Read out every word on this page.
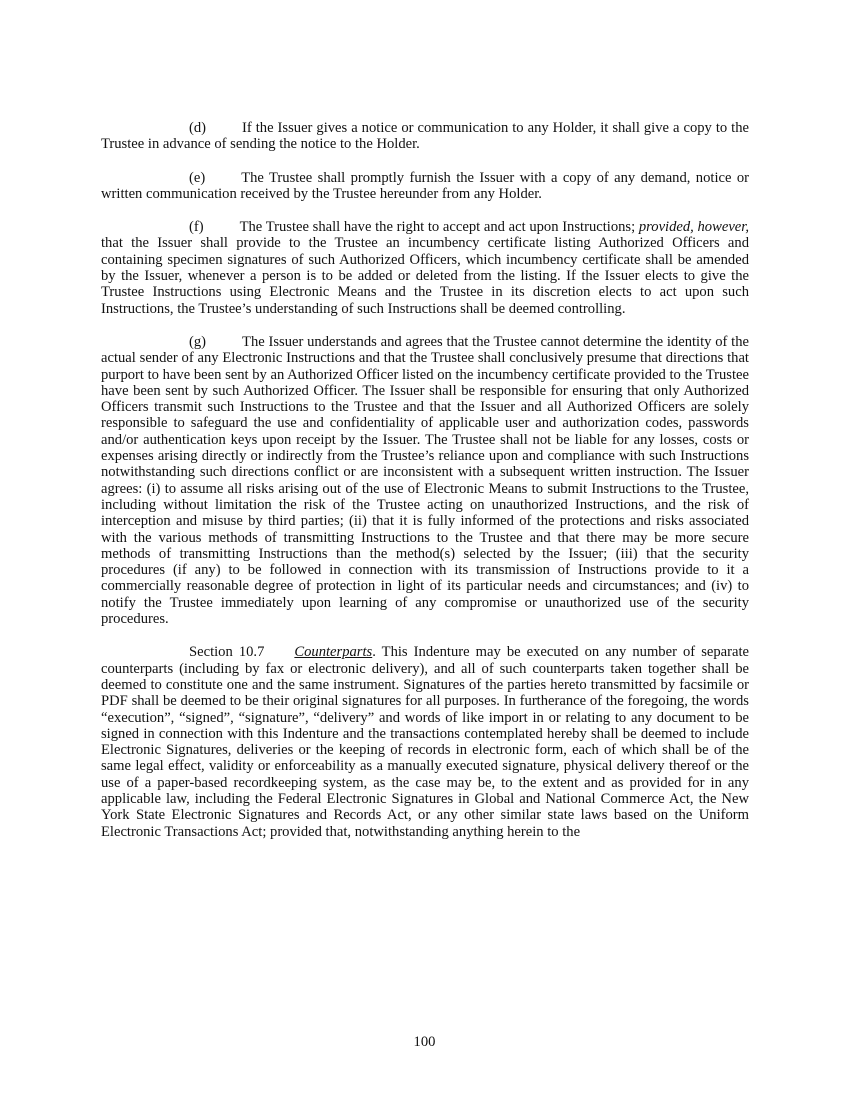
(d) If the Issuer gives a notice or communication to any Holder, it shall give a copy to the Trustee in advance of sending the notice to the Holder.

(e) The Trustee shall promptly furnish the Issuer with a copy of any demand, notice or written communication received by the Trustee hereunder from any Holder.

(f) The Trustee shall have the right to accept and act upon Instructions; provided, however, that the Issuer shall provide to the Trustee an incumbency certificate listing Authorized Officers and containing specimen signatures of such Authorized Officers, which incumbency certificate shall be amended by the Issuer, whenever a person is to be added or deleted from the listing. If the Issuer elects to give the Trustee Instructions using Electronic Means and the Trustee in its discretion elects to act upon such Instructions, the Trustee’s understanding of such Instructions shall be deemed controlling.

(g) The Issuer understands and agrees that the Trustee cannot determine the identity of the actual sender of any Electronic Instructions and that the Trustee shall conclusively presume that directions that purport to have been sent by an Authorized Officer listed on the incumbency certificate provided to the Trustee have been sent by such Authorized Officer. The Issuer shall be responsible for ensuring that only Authorized Officers transmit such Instructions to the Trustee and that the Issuer and all Authorized Officers are solely responsible to safeguard the use and confidentiality of applicable user and authorization codes, passwords and/or authentication keys upon receipt by the Issuer. The Trustee shall not be liable for any losses, costs or expenses arising directly or indirectly from the Trustee’s reliance upon and compliance with such Instructions notwithstanding such directions conflict or are inconsistent with a subsequent written instruction. The Issuer agrees: (i) to assume all risks arising out of the use of Electronic Means to submit Instructions to the Trustee, including without limitation the risk of the Trustee acting on unauthorized Instructions, and the risk of interception and misuse by third parties; (ii) that it is fully informed of the protections and risks associated with the various methods of transmitting Instructions to the Trustee and that there may be more secure methods of transmitting Instructions than the method(s) selected by the Issuer; (iii) that the security procedures (if any) to be followed in connection with its transmission of Instructions provide to it a commercially reasonable degree of protection in light of its particular needs and circumstances; and (iv) to notify the Trustee immediately upon learning of any compromise or unauthorized use of the security procedures.

Section 10.7 Counterparts. This Indenture may be executed on any number of separate counterparts (including by fax or electronic delivery), and all of such counterparts taken together shall be deemed to constitute one and the same instrument. Signatures of the parties hereto transmitted by facsimile or PDF shall be deemed to be their original signatures for all purposes. In furtherance of the foregoing, the words “execution”, “signed”, “signature”, “delivery” and words of like import in or relating to any document to be signed in connection with this Indenture and the transactions contemplated hereby shall be deemed to include Electronic Signatures, deliveries or the keeping of records in electronic form, each of which shall be of the same legal effect, validity or enforceability as a manually executed signature, physical delivery thereof or the use of a paper-based recordkeeping system, as the case may be, to the extent and as provided for in any applicable law, including the Federal Electronic Signatures in Global and National Commerce Act, the New York State Electronic Signatures and Records Act, or any other similar state laws based on the Uniform Electronic Transactions Act; provided that, notwithstanding anything herein to the

100
